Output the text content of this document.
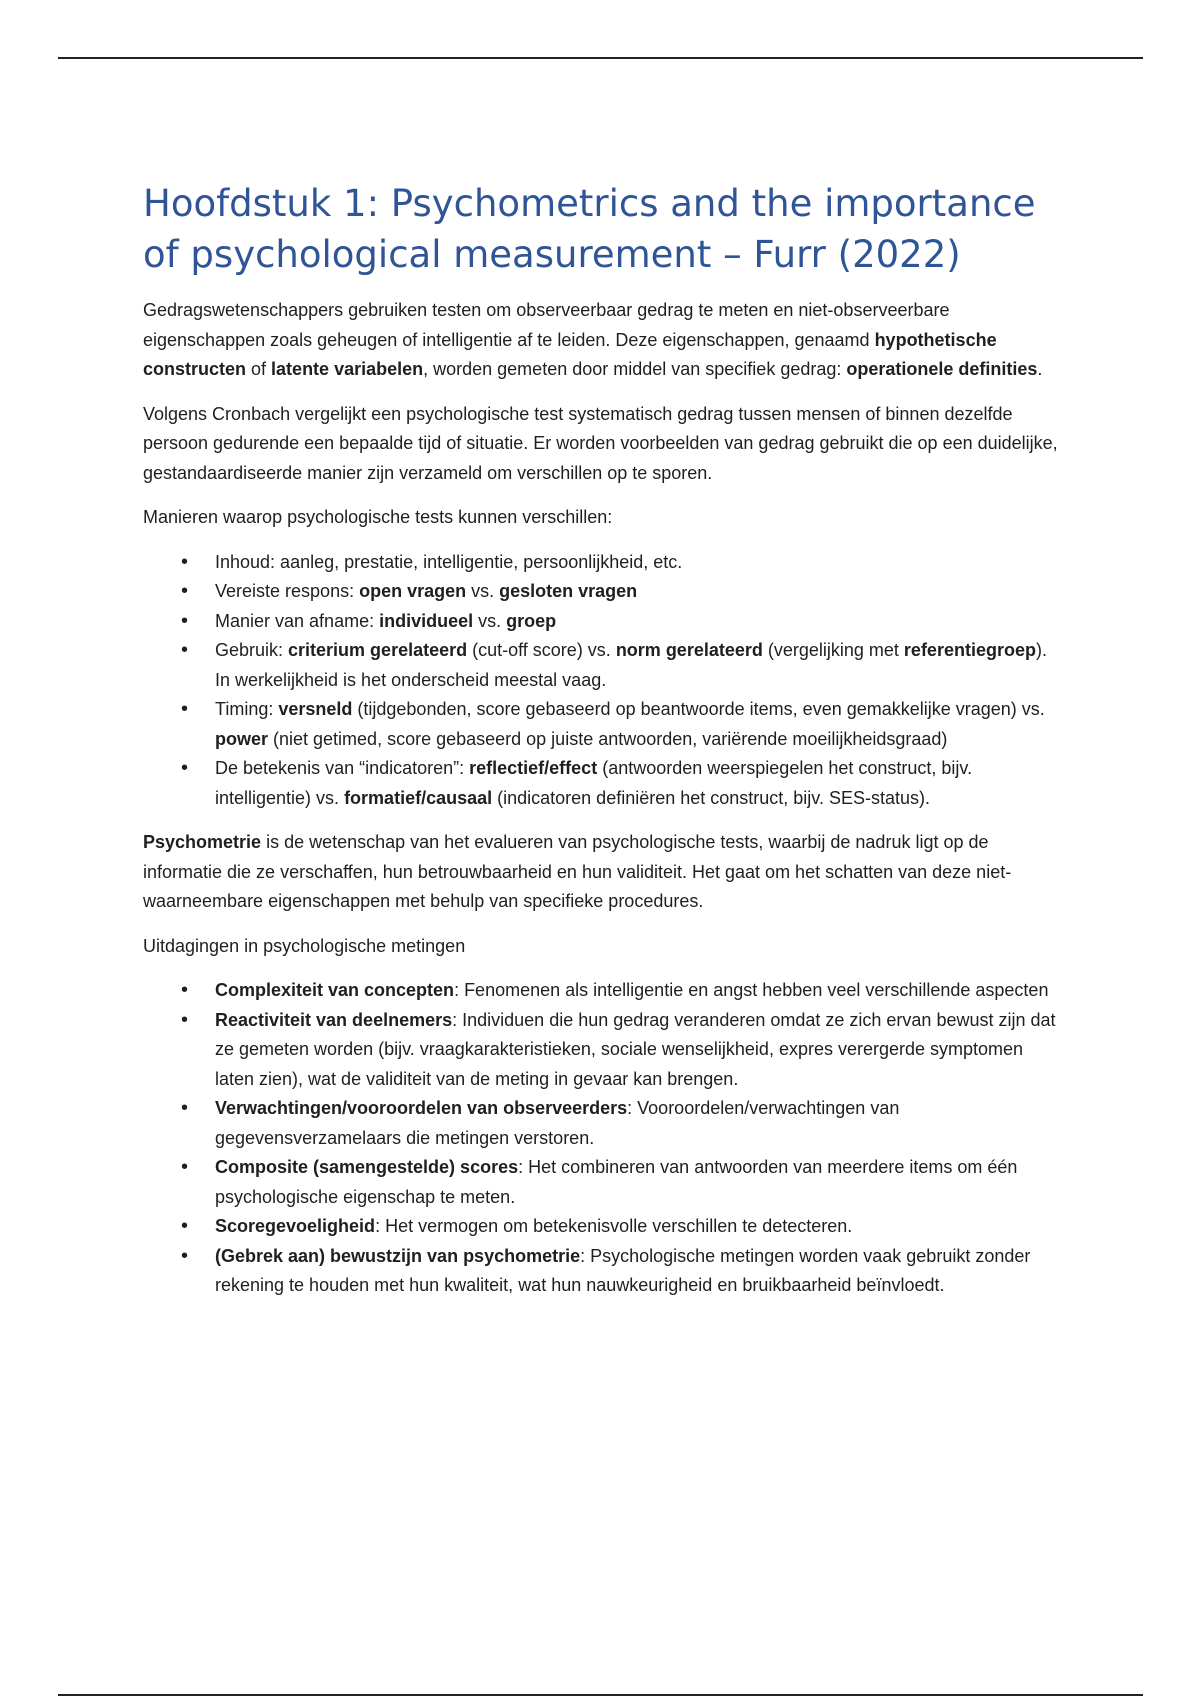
Hoofdstuk 1: Psychometrics and the importance of psychological measurement – Furr (2022)

Gedragswetenschappers gebruiken testen om observeerbaar gedrag te meten en niet-observeerbare eigenschappen zoals geheugen of intelligentie af te leiden. Deze eigenschappen, genaamd hypothetische constructen of latente variabelen, worden gemeten door middel van specifiek gedrag: operationele definities.

Volgens Cronbach vergelijkt een psychologische test systematisch gedrag tussen mensen of binnen dezelfde persoon gedurende een bepaalde tijd of situatie. Er worden voorbeelden van gedrag gebruikt die op een duidelijke, gestandaardiseerde manier zijn verzameld om verschillen op te sporen.

Manieren waarop psychologische tests kunnen verschillen:

• Inhoud: aanleg, prestatie, intelligentie, persoonlijkheid, etc.
• Vereiste respons: open vragen vs. gesloten vragen
• Manier van afname: individueel vs. groep
• Gebruik: criterium gerelateerd (cut-off score) vs. norm gerelateerd (vergelijking met referentiegroep). In werkelijkheid is het onderscheid meestal vaag.
• Timing: versneld (tijdgebonden, score gebaseerd op beantwoorde items, even gemakkelijke vragen) vs. power (niet getimed, score gebaseerd op juiste antwoorden, variërende moeilijkheidsgraad)
• De betekenis van “indicatoren”: reflectief/effect (antwoorden weerspiegelen het construct, bijv. intelligentie) vs. formatief/causaal (indicatoren definiëren het construct, bijv. SES-status).

Psychometrie is de wetenschap van het evalueren van psychologische tests, waarbij de nadruk ligt op de informatie die ze verschaffen, hun betrouwbaarheid en hun validiteit. Het gaat om het schatten van deze niet-waarneembare eigenschappen met behulp van specifieke procedures.

Uitdagingen in psychologische metingen

• Complexiteit van concepten: Fenomenen als intelligentie en angst hebben veel verschillende aspecten
• Reactiviteit van deelnemers: Individuen die hun gedrag veranderen omdat ze zich ervan bewust zijn dat ze gemeten worden (bijv. vraagkarakteristieken, sociale wenselijkheid, expres verergerde symptomen laten zien), wat de validiteit van de meting in gevaar kan brengen.
• Verwachtingen/vooroordelen van observeerders: Vooroordelen/verwachtingen van gegevensverzamelaars die metingen verstoren.
• Composite (samengestelde) scores: Het combineren van antwoorden van meerdere items om één psychologische eigenschap te meten.
• Scoregevoeligheid: Het vermogen om betekenisvolle verschillen te detecteren.
• (Gebrek aan) bewustzijn van psychometrie: Psychologische metingen worden vaak gebruikt zonder rekening te houden met hun kwaliteit, wat hun nauwkeurigheid en bruikbaarheid beïnvloedt.
